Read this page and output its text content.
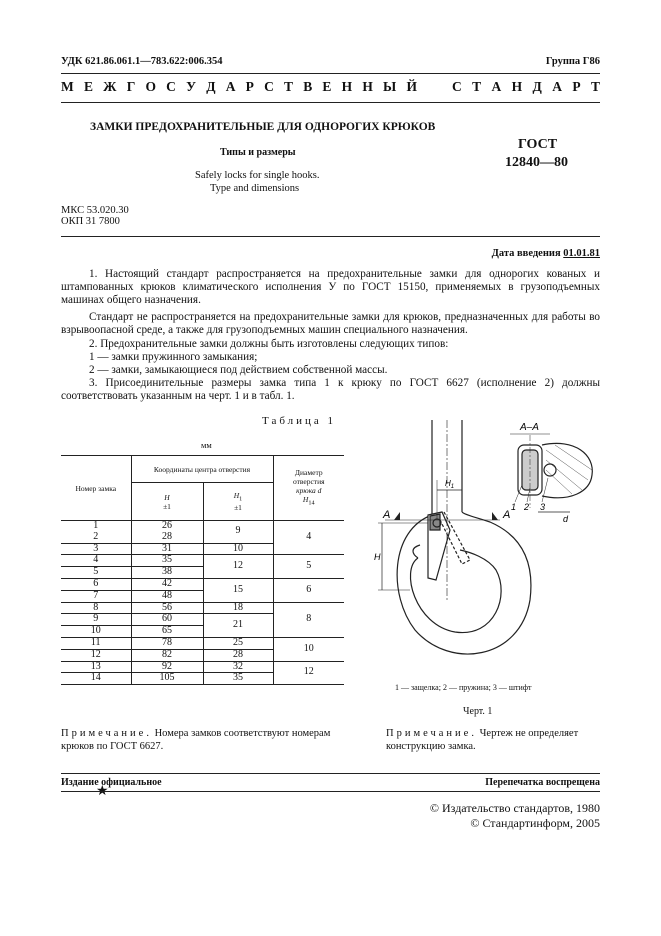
УДК 621.86.061.1—783.622:006.354	Группа Г86
М Е Ж Г О С У Д А Р С Т В Е Н Н Ы Й	С Т А Н Д А Р Т
ЗАМКИ ПРЕДОХРАНИТЕЛЬНЫЕ ДЛЯ ОДНОРОГИХ КРЮКОВ
Типы и размеры
Safely locks for single hooks.
Type and dimensions
ГОСТ
12840—80
МКС 53.020.30
ОКП 31 7800
Дата введения 01.01.81
1. Настоящий стандарт распространяется на предохранительные замки для однорогих кованых и штампованных крюков климатического исполнения У по ГОСТ 15150, применяемых в грузоподъемных машинах общего назначения.
Стандарт не распространяется на предохранительные замки для крюков, предназначенных для работы во взрывоопасной среде, а также для грузоподъемных машин специального назначения.
2. Предохранительные замки должны быть изготовлены следующих типов:
1 — замки пружинного замыкания;
2 — замки, замыкающиеся под действием собственной массы.
3. Присоединительные размеры замка типа 1 к крюку по ГОСТ 6627 (исполнение 2) должны соответствовать указанным на черт. 1 и в табл. 1.
Таблица 1
мм
Номер замка	Координаты центра отверстия		Диаметр
отверстия
крюка d
$H_{14}$
	H
±1	$H_1$
±1	
1	26	9	4
2	28		
3	31	10	
4	35	12	5
5	38		
6	42	15	6
7	48		
8	56	18	8
9	60	21	
10	65		
11	78	25	10
12	82	28	
13	92	32	12
14	105	35	
А–А
А	А
H
$H_1$
d
1 2 3
1 — защелка; 2 — пружина; 3 — штифт
Черт. 1
Примечание. Номера замков соответствуют номерам крюков по ГОСТ 6627.
Примечание. Чертеж не определяет конструкцию замка.
Издание официальное
★
Перепечатка воспрещена
© Издательство стандартов, 1980
© Стандартинформ, 2005
